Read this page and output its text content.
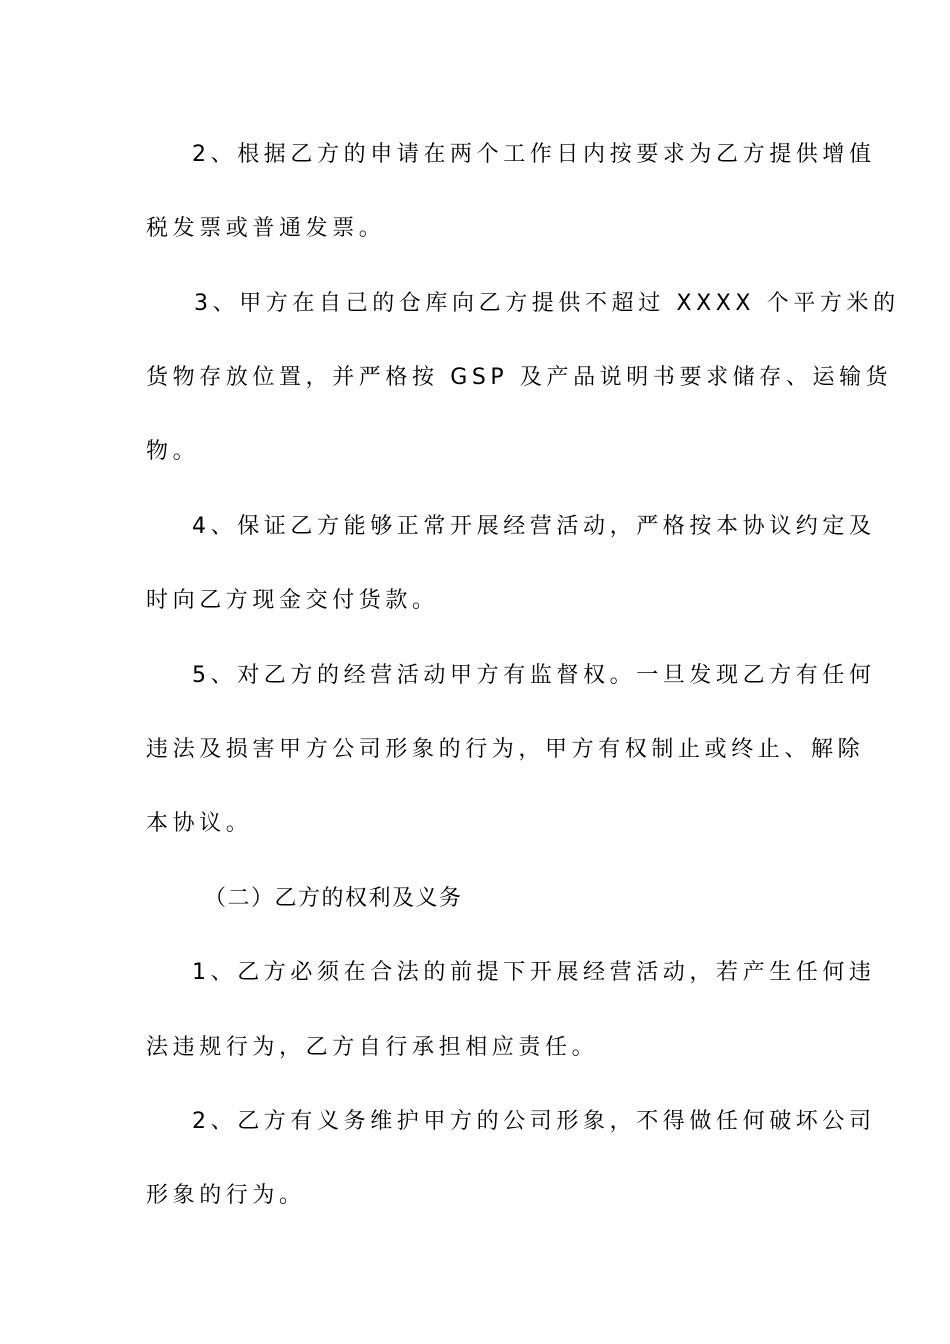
2、根据乙方的申请在两个工作日内按要求为乙方提供增值
税发票或普通发票。
3、甲方在自己的仓库向乙方提供不超过 XXXX 个平方米的
货物存放位置，并严格按 GSP 及产品说明书要求储存、运输货
物。
4、保证乙方能够正常开展经营活动，严格按本协议约定及
时向乙方现金交付货款。
5、对乙方的经营活动甲方有监督权。一旦发现乙方有任何
违法及损害甲方公司形象的行为，甲方有权制止或终止、解除
本协议。
（二）乙方的权利及义务
1、乙方必须在合法的前提下开展经营活动，若产生任何违
法违规行为，乙方自行承担相应责任。
2、乙方有义务维护甲方的公司形象，不得做任何破坏公司
形象的行为。
